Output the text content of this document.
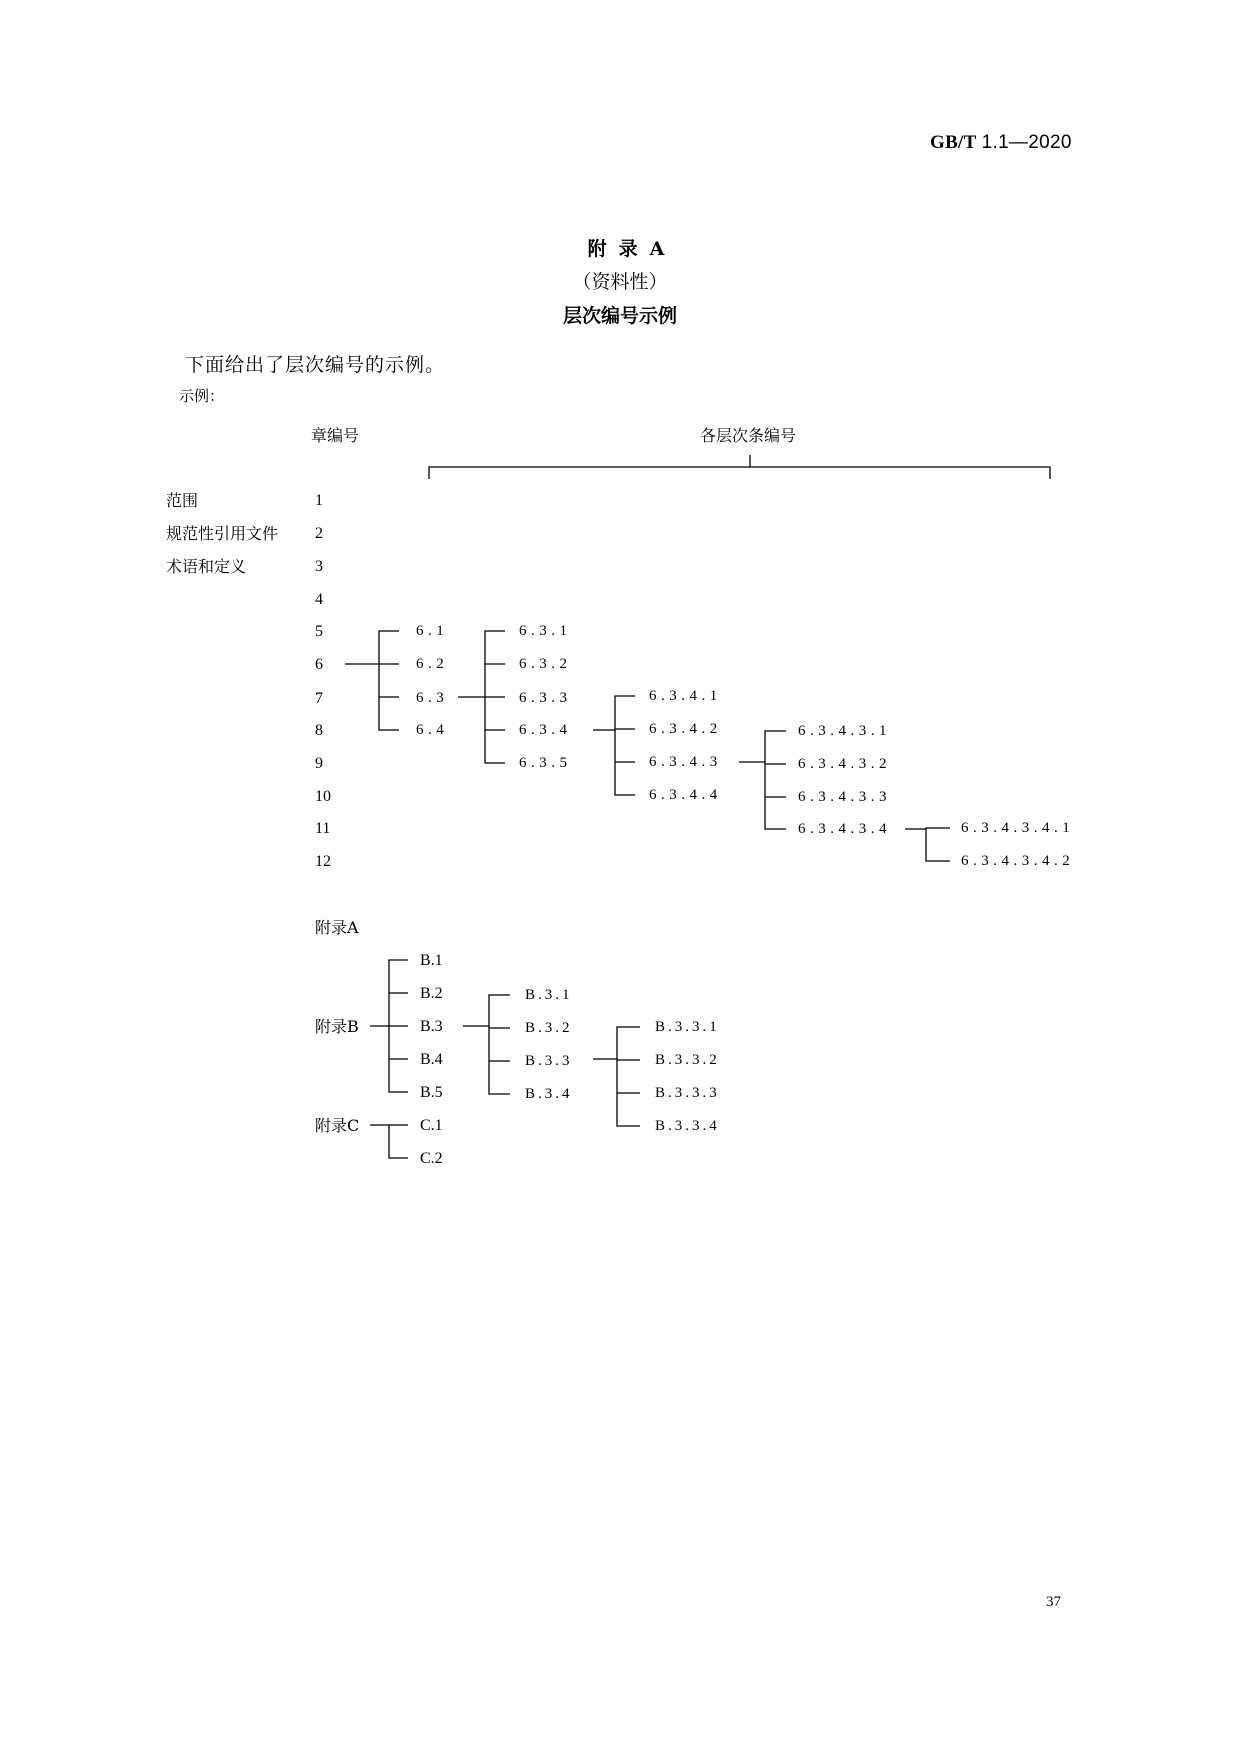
GB/T 1.1—2020
附录A
（资料性）
层次编号示例
下面给出了层次编号的示例。
示例：
章编号	各层次条编号
范围
规范性引用文件
术语和定义
1
2
3
4
5
6
7
8
9
10
11
12
6.1
6.2
6.3
6.4
6.3.1
6.3.2
6.3.3
6.3.4
6.3.5
6.3.4.1
6.3.4.2
6.3.4.3
6.3.4.4
6.3.4.3.1
6.3.4.3.2
6.3.4.3.3
6.3.4.3.4	6.3.4.3.4.1
6.3.4.3.4.2
附录A
附录B
附录C
B.1
B.2
B.3
B.4
B.5
B.3.1
B.3.2
B.3.3
B.3.4
B.3.3.1
B.3.3.2
B.3.3.3
B.3.3.4
C.1
C.2
37
